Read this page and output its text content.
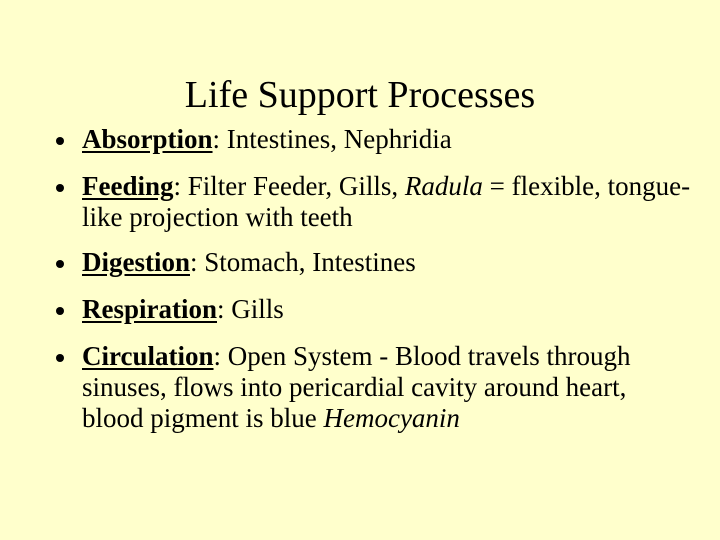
Life Support Processes
Absorption: Intestines, Nephridia
Feeding: Filter Feeder, Gills, Radula = flexible, tongue-like projection with teeth
Digestion: Stomach, Intestines
Respiration: Gills
Circulation: Open System - Blood travels through sinuses, flows into pericardial cavity around heart, blood pigment is blue Hemocyanin
